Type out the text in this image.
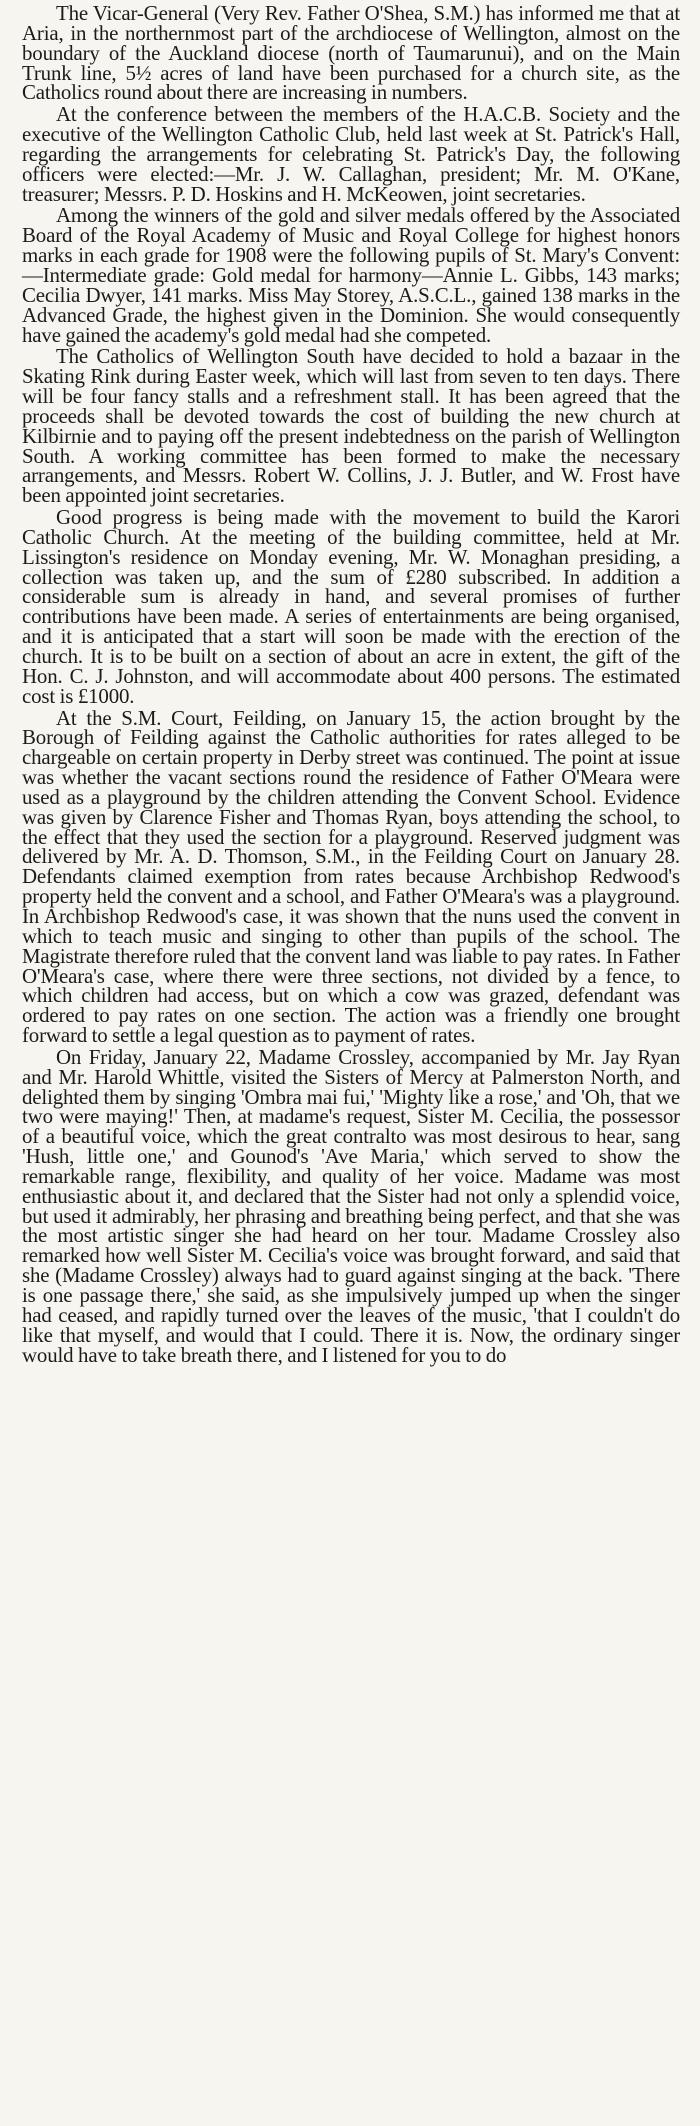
The Vicar-General (Very Rev. Father O'Shea, S.M.) has informed me that at Aria, in the northernmost part of the archdiocese of Wellington, almost on the boundary of the Auckland diocese (north of Taumarunui), and on the Main Trunk line, 5½ acres of land have been purchased for a church site, as the Catholics round about there are increasing in numbers.

At the conference between the members of the H.A.C.B. Society and the executive of the Wellington Catholic Club, held last week at St. Patrick's Hall, regarding the arrangements for celebrating St. Patrick's Day, the following officers were elected:—Mr. J. W. Callaghan, president; Mr. M. O'Kane, treasurer; Messrs. P. D. Hoskins and H. McKeowen, joint secretaries.

Among the winners of the gold and silver medals offered by the Associated Board of the Royal Academy of Music and Royal College for highest honors marks in each grade for 1908 were the following pupils of St. Mary's Convent:—Intermediate grade: Gold medal for harmony—Annie L. Gibbs, 143 marks; Cecilia Dwyer, 141 marks. Miss May Storey, A.S.C.L., gained 138 marks in the Advanced Grade, the highest given in the Dominion. She would consequently have gained the academy's gold medal had she competed.

The Catholics of Wellington South have decided to hold a bazaar in the Skating Rink during Easter week, which will last from seven to ten days. There will be four fancy stalls and a refreshment stall. It has been agreed that the proceeds shall be devoted towards the cost of building the new church at Kilbirnie and to paying off the present indebtedness on the parish of Wellington South. A working committee has been formed to make the necessary arrangements, and Messrs. Robert W. Collins, J. J. Butler, and W. Frost have been appointed joint secretaries.

Good progress is being made with the movement to build the Karori Catholic Church. At the meeting of the building committee, held at Mr. Lissington's residence on Monday evening, Mr. W. Monaghan presiding, a collection was taken up, and the sum of £280 subscribed. In addition a considerable sum is already in hand, and several promises of further contributions have been made. A series of entertainments are being organised, and it is anticipated that a start will soon be made with the erection of the church. It is to be built on a section of about an acre in extent, the gift of the Hon. C. J. Johnston, and will accommodate about 400 persons. The estimated cost is £1000.

At the S.M. Court, Feilding, on January 15, the action brought by the Borough of Feilding against the Catholic authorities for rates alleged to be chargeable on certain property in Derby street was continued. The point at issue was whether the vacant sections round the residence of Father O'Meara were used as a playground by the children attending the Convent School. Evidence was given by Clarence Fisher and Thomas Ryan, boys attending the school, to the effect that they used the section for a playground. Reserved judgment was delivered by Mr. A. D. Thomson, S.M., in the Feilding Court on January 28. Defendants claimed exemption from rates because Archbishop Redwood's property held the convent and a school, and Father O'Meara's was a playground. In Archbishop Redwood's case, it was shown that the nuns used the convent in which to teach music and singing to other than pupils of the school. The Magistrate therefore ruled that the convent land was liable to pay rates. In Father O'Meara's case, where there were three sections, not divided by a fence, to which children had access, but on which a cow was grazed, defendant was ordered to pay rates on one section. The action was a friendly one brought forward to settle a legal question as to payment of rates.

On Friday, January 22, Madame Crossley, accompanied by Mr. Jay Ryan and Mr. Harold Whittle, visited the Sisters of Mercy at Palmerston North, and delighted them by singing 'Ombra mai fui,' 'Mighty like a rose,' and 'Oh, that we two were maying!' Then, at madame's request, Sister M. Cecilia, the possessor of a beautiful voice, which the great contralto was most desirous to hear, sang 'Hush, little one,' and Gounod's 'Ave Maria,' which served to show the remarkable range, flexibility, and quality of her voice. Madame was most enthusiastic about it, and declared that the Sister had not only a splendid voice, but used it admirably, her phrasing and breathing being perfect, and that she was the most artistic singer she had heard on her tour. Madame Crossley also remarked how well Sister M. Cecilia's voice was brought forward, and said that she (Madame Crossley) always had to guard against singing at the back. 'There is one passage there,' she said, as she impulsively jumped up when the singer had ceased, and rapidly turned over the leaves of the music, 'that I couldn't do like that myself, and would that I could. There it is. Now, the ordinary singer would have to take breath there, and I listened for you to do
